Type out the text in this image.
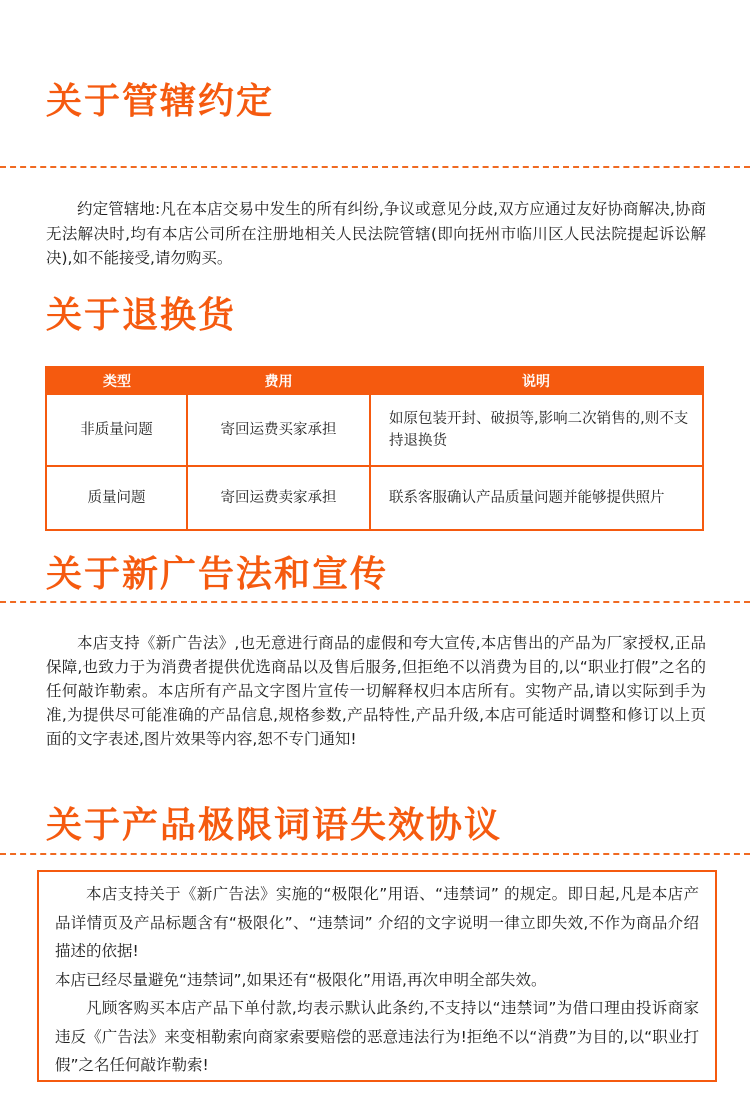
关于管辖约定
约定管辖地:凡在本店交易中发生的所有纠纷,争议或意见分歧,双方应通过友好协商解决,协商无法解决时,均有本店公司所在注册地相关人民法院管辖(即向抚州市临川区人民法院提起诉讼解决),如不能接受,请勿购买。
关于退换货
类型	费用	说明
非质量问题	寄回运费买家承担	如原包装开封、破损等,影响二次销售的,则不支持退换货
质量问题	寄回运费卖家承担	联系客服确认产品质量问题并能够提供照片
关于新广告法和宣传
本店支持《新广告法》,也无意进行商品的虚假和夸大宣传,本店售出的产品为厂家授权,正品保障,也致力于为消费者提供优选商品以及售后服务,但拒绝不以消费为目的,以“职业打假”之名的任何敲诈勒索。本店所有产品文字图片宣传一切解释权归本店所有。实物产品,请以实际到手为准,为提供尽可能准确的产品信息,规格参数,产品特性,产品升级,本店可能适时调整和修订以上页面的文字表述,图片效果等内容,恕不专门通知!
关于产品极限词语失效协议

本店支持关于《新广告法》实施的“极限化”用语、“违禁词” 的规定。即日起,凡是本店产品详情页及产品标题含有“极限化”、“违禁词” 介绍的文字说明一律立即失效,不作为商品介绍描述的依据!

本店已经尽量避免“违禁词”,如果还有“极限化”用语,再次申明全部失效。

凡顾客购买本店产品下单付款,均表示默认此条约,不支持以“违禁词”为借口理由投诉商家违反《广告法》来变相勒索向商家索要赔偿的恶意违法行为!拒绝不以“消费”为目的,以“职业打假”之名任何敲诈勒索!
